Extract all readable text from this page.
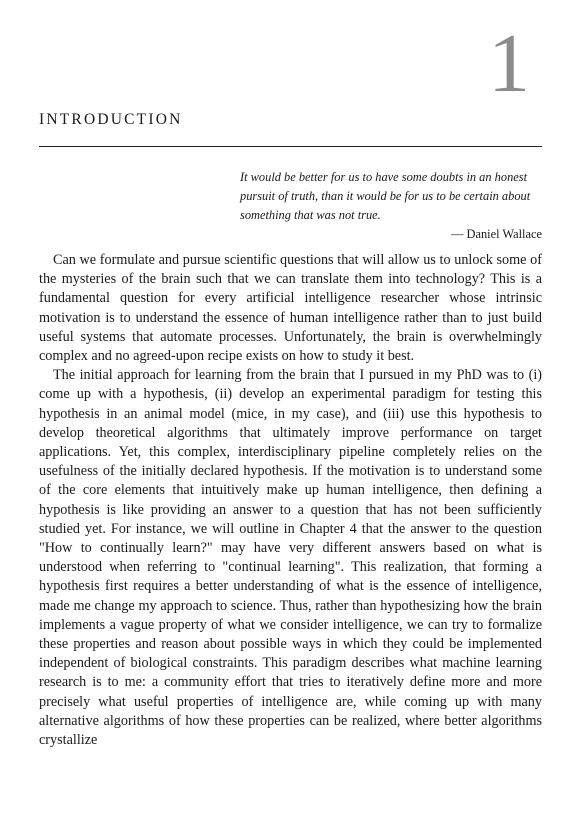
1
INTRODUCTION

It would be better for us to have some doubts in an honest pursuit of truth, than it would be for us to be certain about something that was not true.

— Daniel Wallace

Can we formulate and pursue scientific questions that will allow us to unlock some of the mysteries of the brain such that we can translate them into technology? This is a fundamental question for every artificial intelligence researcher whose intrinsic motivation is to understand the essence of human intelligence rather than to just build useful systems that automate processes. Unfortunately, the brain is overwhelmingly complex and no agreed-upon recipe exists on how to study it best.

The initial approach for learning from the brain that I pursued in my PhD was to (i) come up with a hypothesis, (ii) develop an experimental paradigm for testing this hypothesis in an animal model (mice, in my case), and (iii) use this hypothesis to develop theoretical algorithms that ultimately improve performance on target applications. Yet, this complex, interdisciplinary pipeline completely relies on the usefulness of the initially declared hypothesis. If the motivation is to understand some of the core elements that intuitively make up human intelligence, then defining a hypothesis is like providing an answer to a question that has not been sufficiently studied yet. For instance, we will outline in Chapter 4 that the answer to the question "How to continually learn?" may have very different answers based on what is understood when referring to "continual learning". This realization, that forming a hypothesis first requires a better understanding of what is the essence of intelligence, made me change my approach to science. Thus, rather than hypothesizing how the brain implements a vague property of what we consider intelligence, we can try to formalize these properties and reason about possible ways in which they could be implemented independent of biological constraints. This paradigm describes what machine learning research is to me: a community effort that tries to iteratively define more and more precisely what useful properties of intelligence are, while coming up with many alternative algorithms of how these properties can be realized, where better algorithms crystallize
